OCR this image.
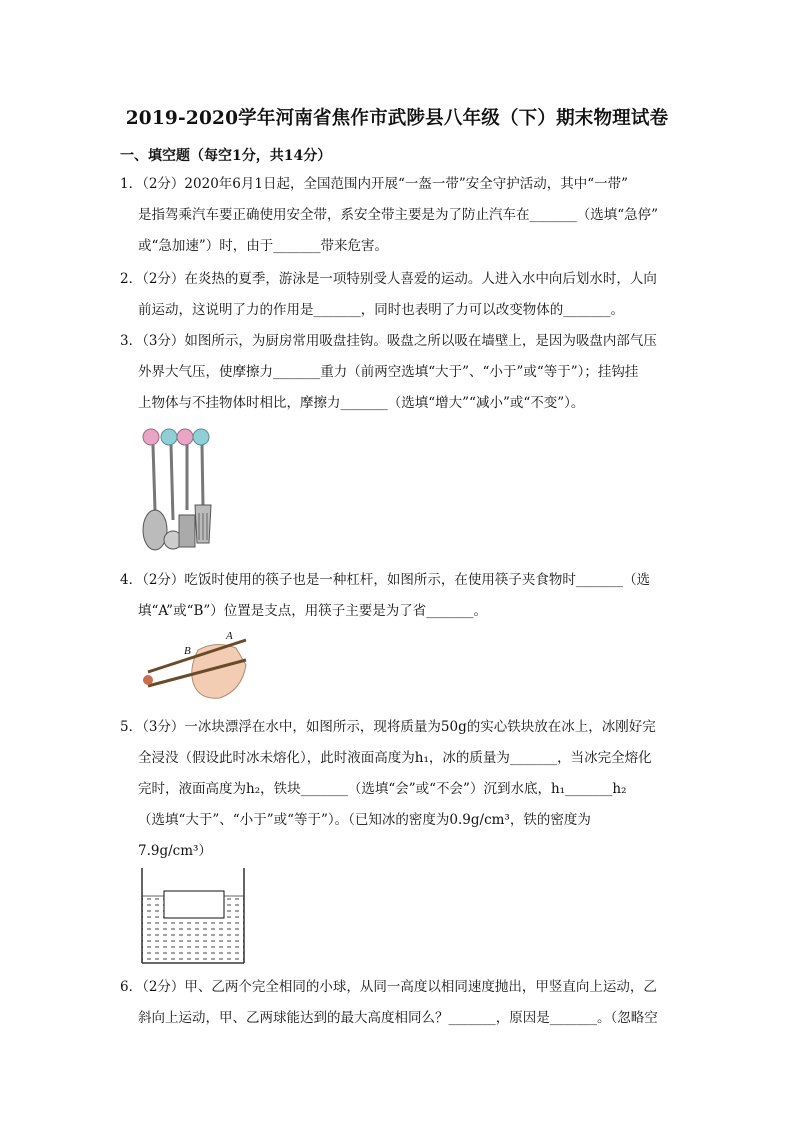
2019-2020学年河南省焦作市武陟县八年级（下）期末物理试卷
一、填空题（每空1分，共14分）
1．（2分）2020年6月1日起，全国范围内开展“一盔一带”安全守护活动，其中“一带”
是指驾乘汽车要正确使用安全带，系安全带主要是为了防止汽车在_______（选填“急停”
或“急加速”）时，由于_______带来危害。
2．（2分）在炎热的夏季，游泳是一项特别受人喜爱的运动。人进入水中向后划水时，人向
前运动，这说明了力的作用是_______，同时也表明了力可以改变物体的_______。
3．（3分）如图所示，为厨房常用吸盘挂钩。吸盘之所以吸在墙壁上，是因为吸盘内部气压
外界大气压，使摩擦力_______重力（前两空选填“大于”、“小于”或“等于”）；挂钩挂
上物体与不挂物体时相比，摩擦力_______（选填“增大”“减小”或“不变”）。
4．（2分）吃饭时使用的筷子也是一种杠杆，如图所示，在使用筷子夹食物时_______（选
填“A”或“B”）位置是支点，用筷子主要是为了省_______。
A
B
5．（3分）一冰块漂浮在水中，如图所示，现将质量为50g的实心铁块放在冰上，冰刚好完
全浸没（假设此时冰未熔化），此时液面高度为h₁，冰的质量为_______，当冰完全熔化
完时，液面高度为h₂，铁块_______（选填“会”或“不会”）沉到水底，h₁_______h₂
（选填“大于”、“小于”或“等于”）。（已知冰的密度为0.9g/cm³，铁的密度为
7.9g/cm³）
6．（2分）甲、乙两个完全相同的小球，从同一高度以相同速度抛出，甲竖直向上运动，乙
斜向上运动，甲、乙两球能达到的最大高度相同么？_______，原因是_______。（忽略空
